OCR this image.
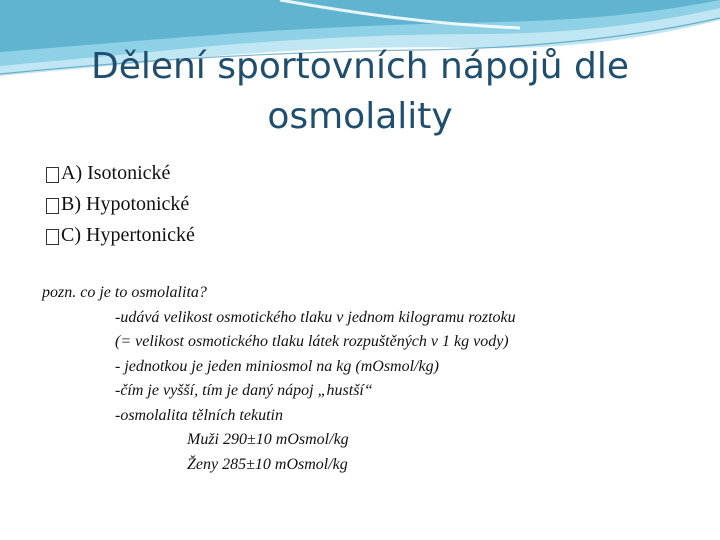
Dělení sportovních nápojů dle
osmolality
A) Isotonické
B) Hypotonické
C) Hypertonické
pozn. co je to osmolalita?
-udává velikost osmotického tlaku v jednom kilogramu roztoku
(= velikost osmotického tlaku látek rozpuštěných v 1 kg vody)
- jednotkou je jeden miniosmol na kg (mOsmol/kg)
-čím je vyšší, tím je daný nápoj „hustší“
-osmolalita tělních tekutin
Muži 290±10 mOsmol/kg
Ženy 285±10 mOsmol/kg
